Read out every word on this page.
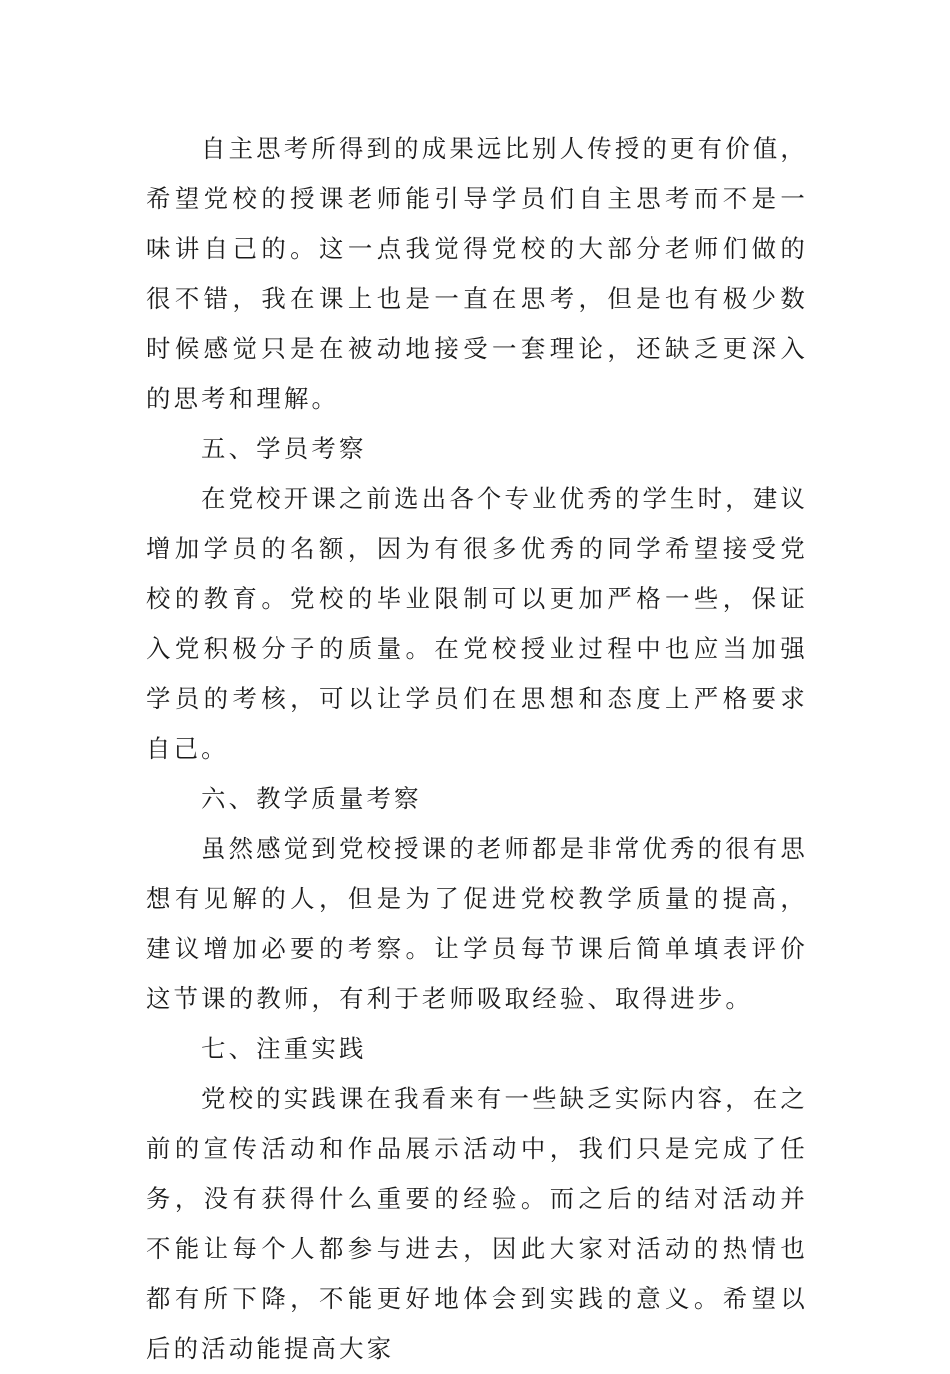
自主思考所得到的成果远比别人传授的更有价值，希望党校的授课老师能引导学员们自主思考而不是一味讲自己的。这一点我觉得党校的大部分老师们做的很不错，我在课上也是一直在思考，但是也有极少数时候感觉只是在被动地接受一套理论，还缺乏更深入的思考和理解。

五、学员考察

在党校开课之前选出各个专业优秀的学生时，建议增加学员的名额，因为有很多优秀的同学希望接受党校的教育。党校的毕业限制可以更加严格一些，保证入党积极分子的质量。在党校授业过程中也应当加强学员的考核，可以让学员们在思想和态度上严格要求自己。

六、教学质量考察

虽然感觉到党校授课的老师都是非常优秀的很有思想有见解的人，但是为了促进党校教学质量的提高，建议增加必要的考察。让学员每节课后简单填表评价这节课的教师，有利于老师吸取经验、取得进步。

七、注重实践

党校的实践课在我看来有一些缺乏实际内容，在之前的宣传活动和作品展示活动中，我们只是完成了任务，没有获得什么重要的经验。而之后的结对活动并不能让每个人都参与进去，因此大家对活动的热情也都有所下降，不能更好地体会到实践的意义。希望以后的活动能提高大家
